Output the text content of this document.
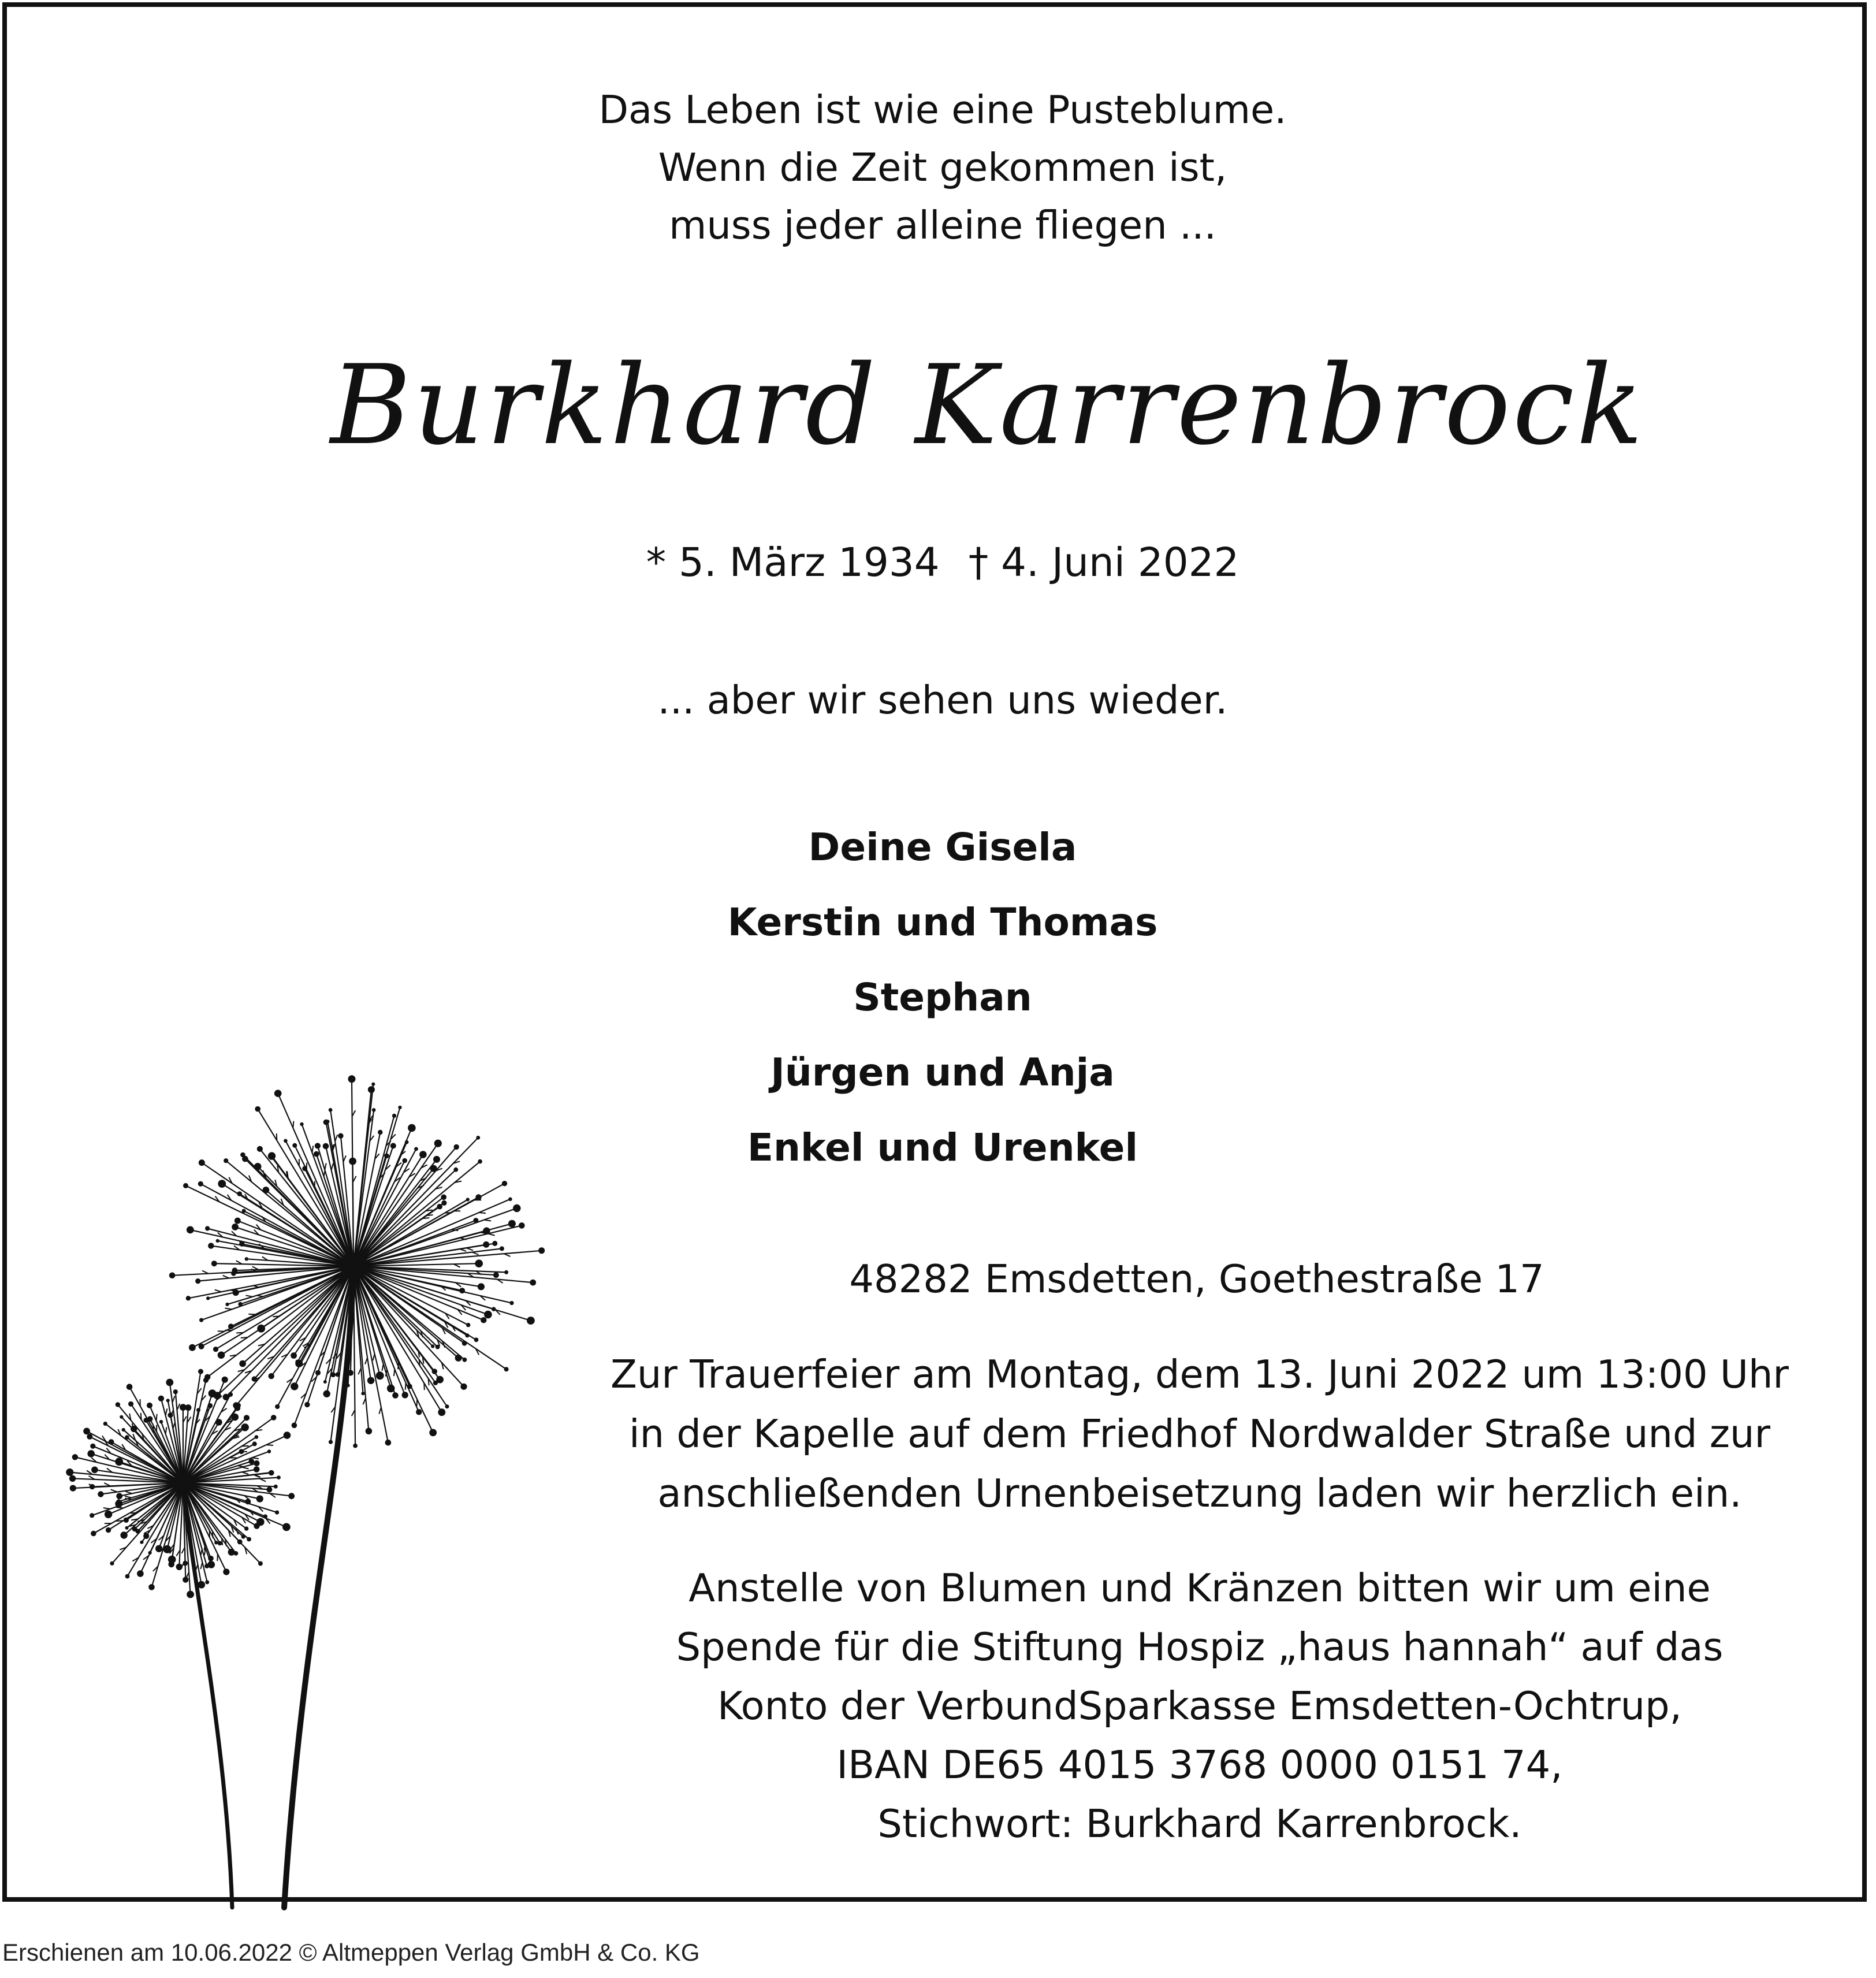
Das Leben ist wie eine Pusteblume.
Wenn die Zeit gekommen ist,
muss jeder alleine fliegen ...
Burkhard Karrenbrock
* 5. März 1934 † 4. Juni 2022
... aber wir sehen uns wieder.
Deine Gisela
Kerstin und Thomas
Stephan
Jürgen und Anja
Enkel und Urenkel
48282 Emsdetten, Goethestraße 17
Zur Trauerfeier am Montag, dem 13. Juni 2022 um 13:00 Uhr
in der Kapelle auf dem Friedhof Nordwalder Straße und zur
anschließenden Urnenbeisetzung laden wir herzlich ein.
Anstelle von Blumen und Kränzen bitten wir um eine
Spende für die Stiftung Hospiz „haus hannah“ auf das
Konto der VerbundSparkasse Emsdetten-Ochtrup,
IBAN DE65 4015 3768 0000 0151 74,
Stichwort: Burkhard Karrenbrock.
Erschienen am 10.06.2022 © Altmeppen Verlag GmbH & Co. KG
